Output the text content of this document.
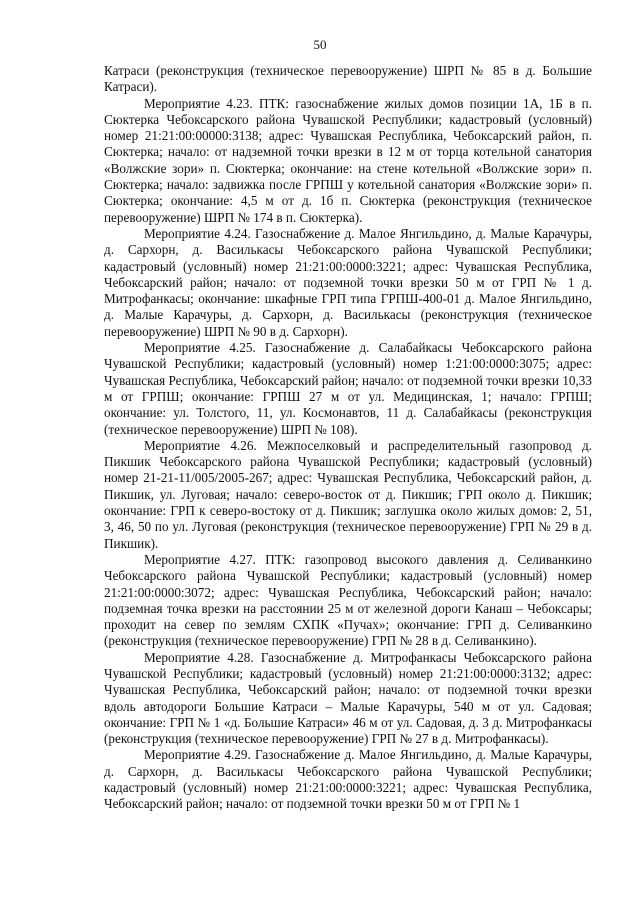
50

Катраси (реконструкция (техническое перевооружение) ШРП № 85 в д. Большие Катраси).

Мероприятие 4.23. ПТК: газоснабжение жилых домов позиции 1А, 1Б в п. Сюктерка Чебоксарского района Чувашской Республики; кадастровый (условный) номер 21:21:00:00000:3138; адрес: Чувашская Республика, Чебоксарский район, п. Сюктерка; начало: от надземной точки врезки в 12 м от торца котельной санатория «Волжские зори» п. Сюктерка; окончание: на стене котельной «Волжские зори» п. Сюктерка; начало: задвижка после ГРПШ у котельной санатория «Волжские зори» п. Сюктерка; окончание: 4,5 м от д. 1б п. Сюктерка (реконструкция (техническое перевооружение) ШРП № 174 в п. Сюктерка).

Мероприятие 4.24. Газоснабжение д. Малое Янгильдино, д. Малые Карачуры, д. Сархорн, д. Василькасы Чебоксарского района Чувашской Республики; кадастровый (условный) номер 21:21:00:0000:3221; адрес: Чувашская Республика, Чебоксарский район; начало: от подземной точки врезки 50 м от ГРП № 1 д. Митрофанкасы; окончание: шкафные ГРП типа ГРПШ-400-01 д. Малое Янгильдино, д. Малые Карачуры, д. Сархорн, д. Василькасы (реконструкция (техническое перевооружение) ШРП № 90 в д. Сархорн).

Мероприятие 4.25. Газоснабжение д. Салабайкасы Чебоксарского района Чувашской Республики; кадастровый (условный) номер 1:21:00:0000:3075; адрес: Чувашская Республика, Чебоксарский район; начало: от подземной точки врезки 10,33 м от ГРПШ; окончание: ГРПШ 27 м от ул. Медицинская, 1; начало: ГРПШ; окончание: ул. Толстого, 11, ул. Космонавтов, 11 д. Салабайкасы (реконструкция (техническое перевооружение) ШРП № 108).

Мероприятие 4.26. Межпоселковый и распределительный газопровод д. Пикшик Чебоксарского района Чувашской Республики; кадастровый (условный) номер 21-21-11/005/2005-267; адрес: Чувашская Республика, Чебоксарский район, д. Пикшик, ул. Луговая; начало: северо-восток от д. Пикшик; ГРП около д. Пикшик; окончание: ГРП к северо-востоку от д. Пикшик; заглушка около жилых домов: 2, 51, 3, 46, 50 по ул. Луговая (реконструкция (техническое перевооружение) ГРП № 29 в д. Пикшик).

Мероприятие 4.27. ПТК: газопровод высокого давления д. Селиванкино Чебоксарского района Чувашской Республики; кадастровый (условный) номер 21:21:00:0000:3072; адрес: Чувашская Республика, Чебоксарский район; начало: подземная точка врезки на расстоянии 25 м от железной дороги Канаш – Чебоксары; проходит на север по землям СХПК «Пучах»; окончание: ГРП д. Селиванкино (реконструкция (техническое перевооружение) ГРП № 28 в д. Селиванкино).

Мероприятие 4.28. Газоснабжение д. Митрофанкасы Чебоксарского района Чувашской Республики; кадастровый (условный) номер 21:21:00:0000:3132; адрес: Чувашская Республика, Чебоксарский район; начало: от подземной точки врезки вдоль автодороги Большие Катраси – Малые Карачуры, 540 м от ул. Садовая; окончание: ГРП № 1 «д. Большие Катраси» 46 м от ул. Садовая, д. 3 д. Митрофанкасы (реконструкция (техническое перевооружение) ГРП № 27 в д. Митрофанкасы).

Мероприятие 4.29. Газоснабжение д. Малое Янгильдино, д. Малые Карачуры, д. Сархорн, д. Василькасы Чебоксарского района Чувашской Республики; кадастровый (условный) номер 21:21:00:0000:3221; адрес: Чувашская Республика, Чебоксарский район; начало: от подземной точки врезки 50 м от ГРП № 1
